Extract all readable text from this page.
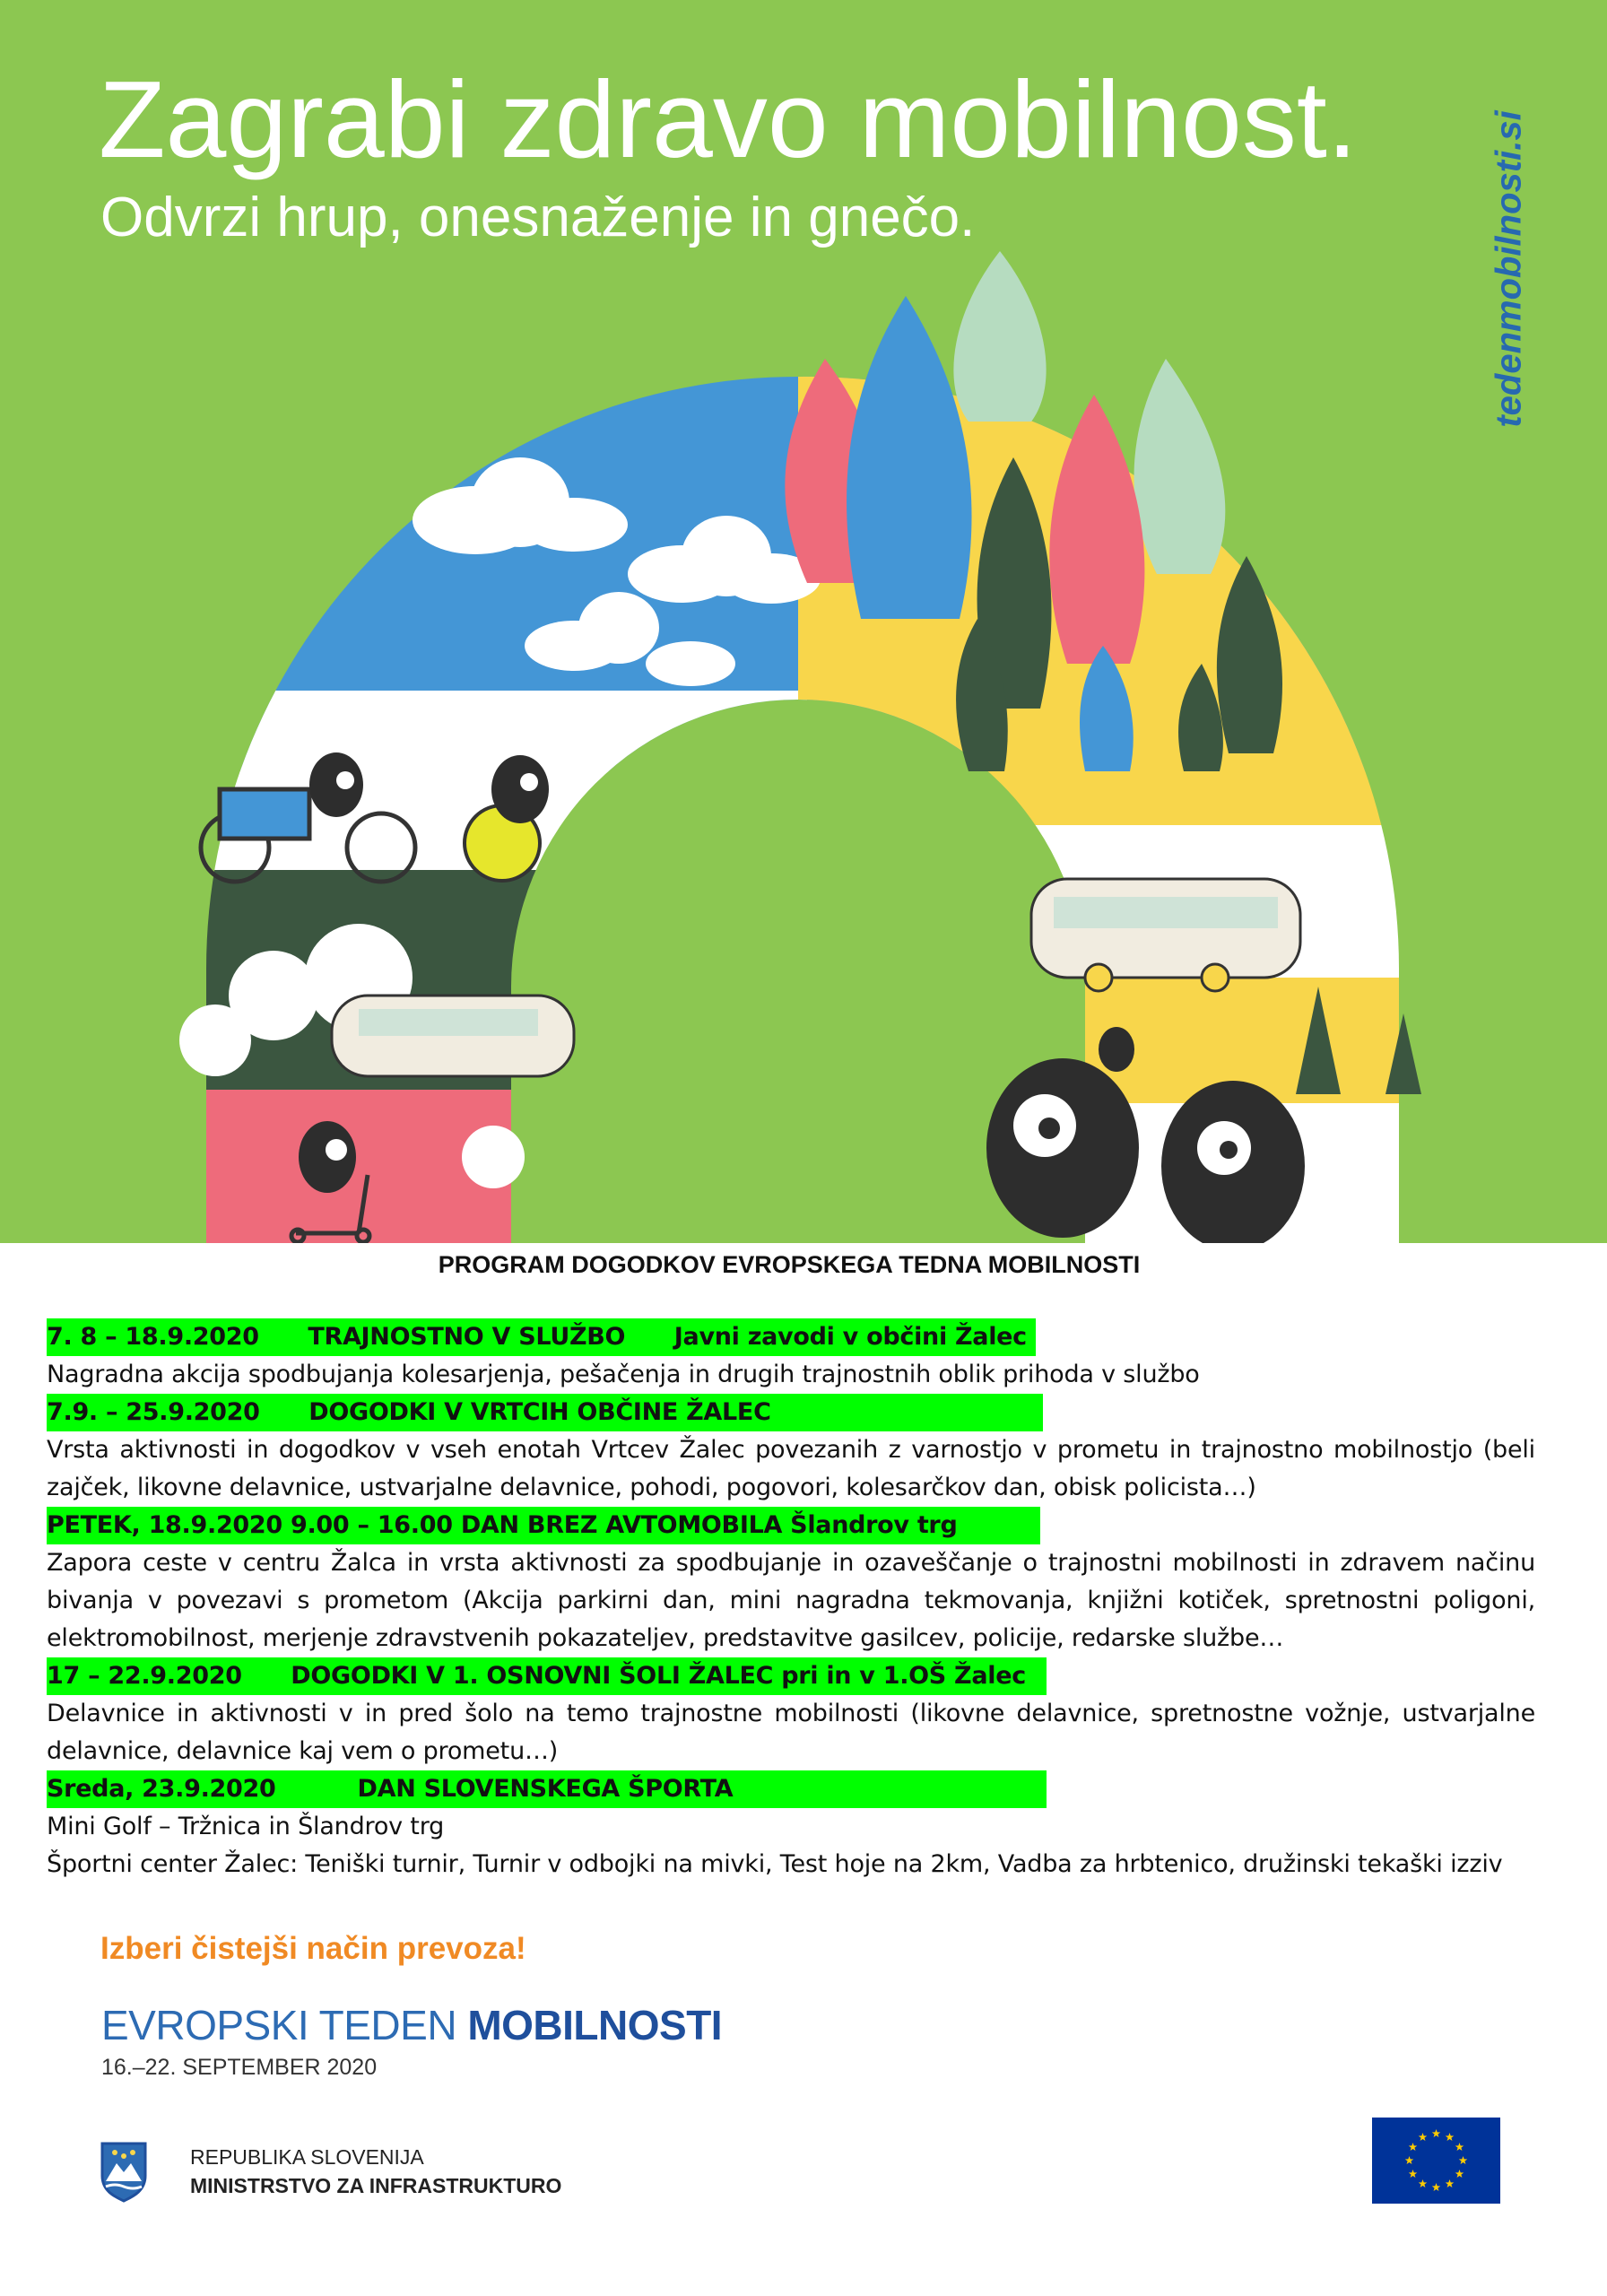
Zagrabi zdravo mobilnost.

Odvrzi hrup, onesnaženje in gnečo.	tedenmobilnosti.si
PROGRAM DOGODKOV EVROPSKEGA TEDNA MOBILNOSTI
7. 8 – 18.9.2020      TRAJNOSTNO V SLUŽBO      Javni zavodi v občini Žalec

Nagradna akcija spodbujanja kolesarjenja, pešačenja in drugih trajnostnih oblik prihoda v službo

7.9. – 25.9.2020      DOGODKI V VRTCIH OBČINE ŽALEC

Vrsta aktivnosti in dogodkov v vseh enotah Vrtcev Žalec povezanih z varnostjo v prometu in trajnostno mobilnostjo (beli zajček, likovne delavnice, ustvarjalne delavnice, pohodi, pogovori, kolesarčkov dan, obisk policista…)

PETEK, 18.9.2020 9.00 – 16.00 DAN BREZ AVTOMOBILA Šlandrov trg

Zapora ceste v centru Žalca in vrsta aktivnosti za spodbujanje in ozaveščanje o trajnostni mobilnosti in zdravem načinu bivanja v povezavi s prometom (Akcija parkirni dan, mini nagradna tekmovanja, knjižni kotiček, spretnostni poligoni, elektromobilnost, merjenje zdravstvenih pokazateljev, predstavitve gasilcev, policije, redarske službe…

17 – 22.9.2020      DOGODKI V 1. OSNOVNI ŠOLI ŽALEC pri in v 1.OŠ Žalec

Delavnice in aktivnosti v in pred šolo na temo trajnostne mobilnosti (likovne delavnice, spretnostne vožnje, ustvarjalne delavnice, delavnice kaj vem o prometu…)

Sreda, 23.9.2020          DAN SLOVENSKEGA ŠPORTA

Mini Golf – Tržnica in Šlandrov trg

Športni center Žalec: Teniški turnir, Turnir v odbojki na mivki, Test hoje na 2km, Vadba za hrbtenico, družinski tekaški izziv

Izberi čistejši način prevoza!
EVROPSKI TEDEN MOBILNOSTI
16.–22. SEPTEMBER 2020
REPUBLIKA SLOVENIJA
MINISTRSTVO ZA INFRASTRUKTURO
